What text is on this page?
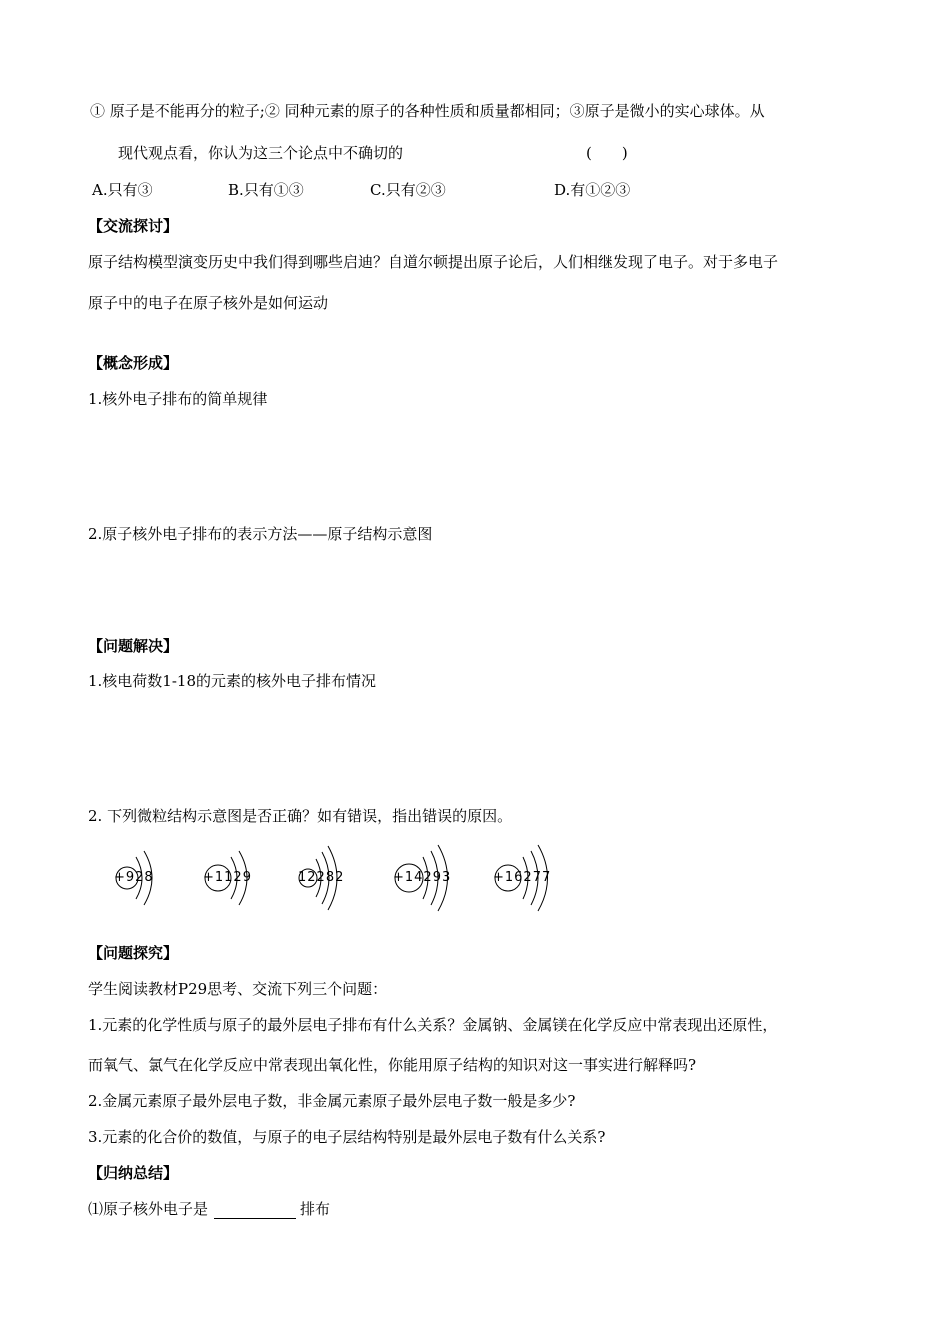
① 原子是不能再分的粒子;② 同种元素的原子的各种性质和质量都相同；③原子是微小的实心球体。从
现代观点看，你认为这三个论点中不确切的	(　　)
A.只有③	B.只有①③	C.只有②③	D.有①②③
【交流探讨】
原子结构模型演变历史中我们得到哪些启迪？自道尔顿提出原子论后，人们相继发现了电子。对于多电子
原子中的电子在原子核外是如何运动
【概念形成】
1.核外电子排布的简单规律
2.原子核外电子排布的表示方法——原子结构示意图
【问题解决】
1.核电荷数1-18的元素的核外电子排布情况
2. 下列微粒结构示意图是否正确？如有错误，指出错误的原因。
+928	+1129	12282	+14293	+16277
【问题探究】
学生阅读教材P29思考、交流下列三个问题：
1.元素的化学性质与原子的最外层电子排布有什么关系？金属钠、金属镁在化学反应中常表现出还原性，
而氧气、氯气在化学反应中常表现出氧化性，你能用原子结构的知识对这一事实进行解释吗?
2.金属元素原子最外层电子数，非金属元素原子最外层电子数一般是多少?
3.元素的化合价的数值，与原子的电子层结构特别是最外层电子数有什么关系?
【归纳总结】
⑴原子核外电子是	排布
